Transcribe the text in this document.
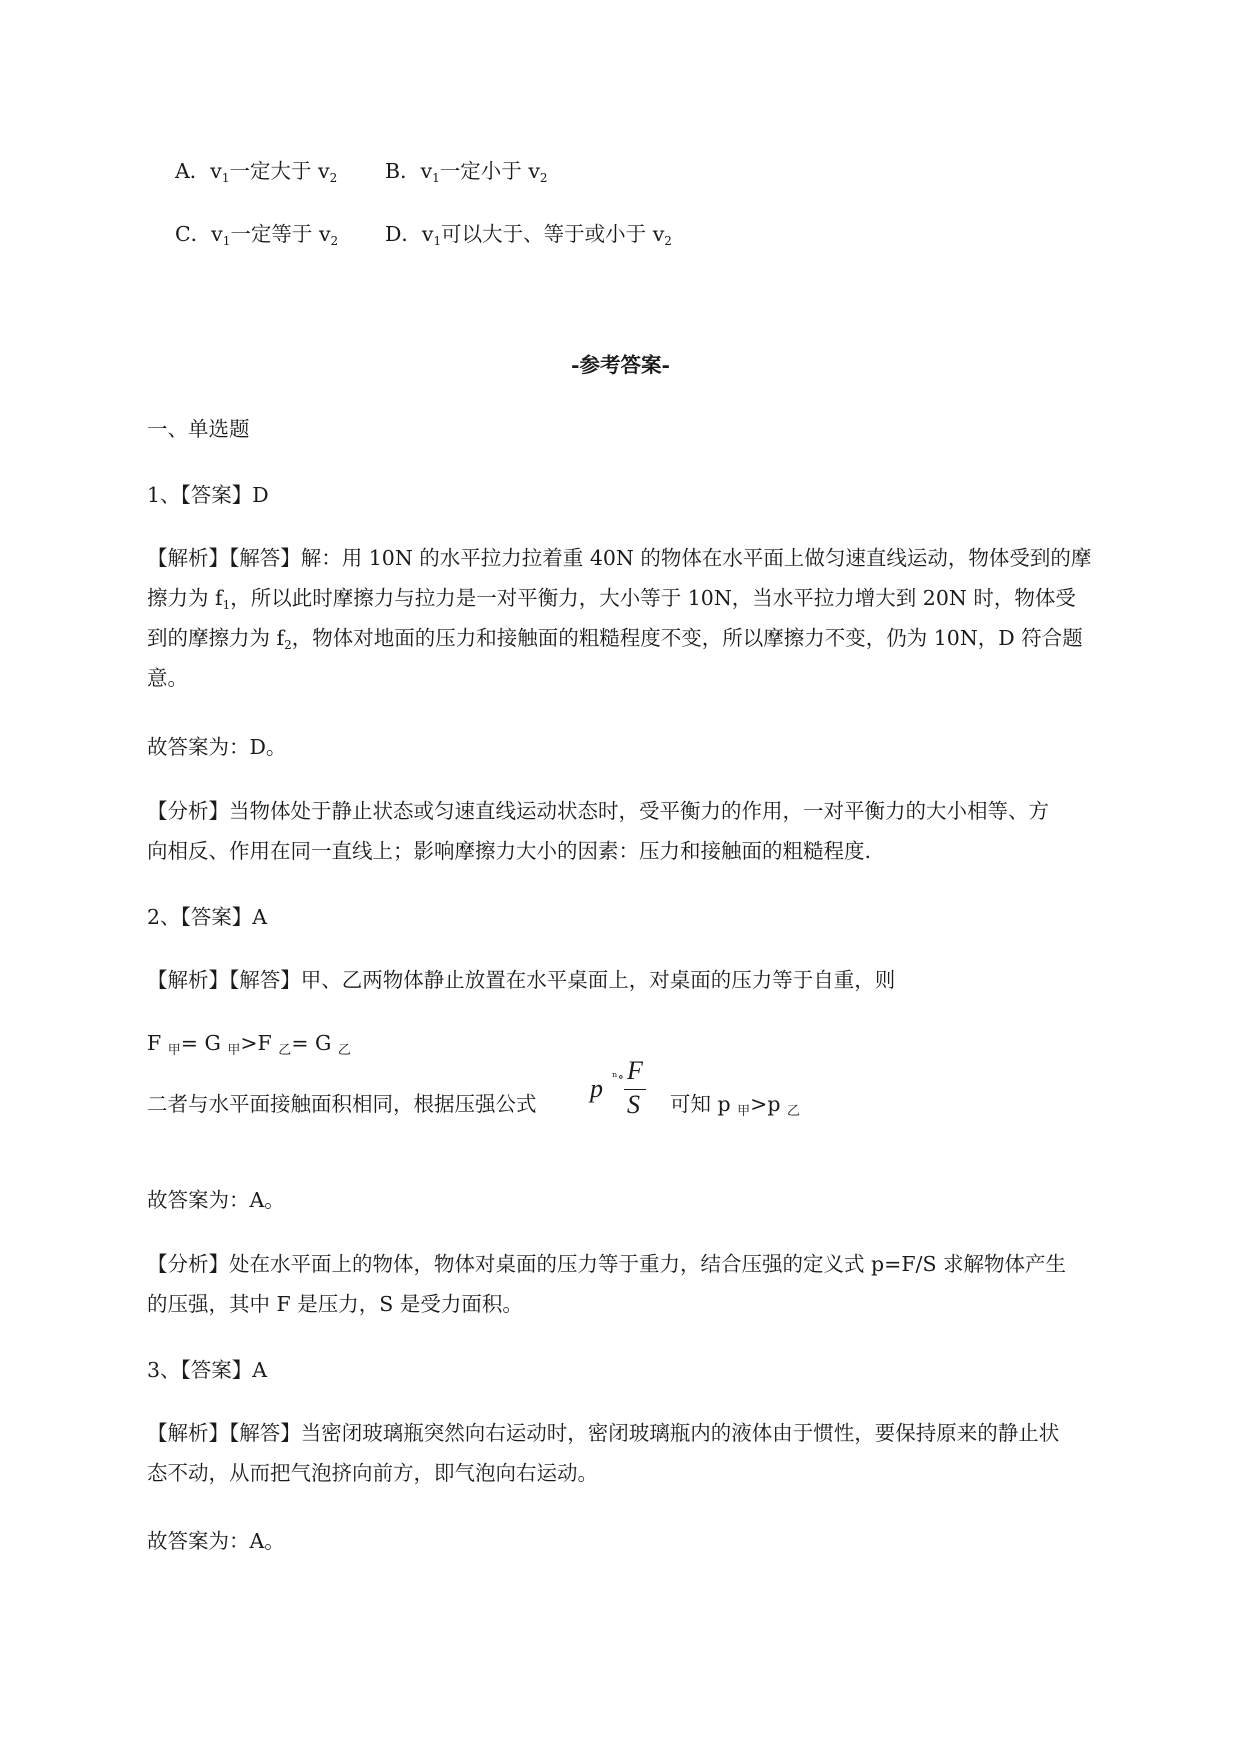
A．$v_1$一定大于 $v_2$ B．$v_1$一定小于 $v_2$
C．$v_1$一定等于 $v_2$ D．$v_1$可以大于、等于或小于 $v_2$
-参考答案-
一、单选题
1、【答案】D

【解析】【解答】解：用 10N 的水平拉力拉着重 40N 的物体在水平面上做匀速直线运动，物体受到的摩

擦力为 $f_1$，所以此时摩擦力与拉力是一对平衡力，大小等于 10N，当水平拉力增大到 20N 时，物体受

到的摩擦力为 $f_2$，物体对地面的压力和接触面的粗糙程度不变，所以摩擦力不变，仍为 10N，D 符合题

意。

故答案为：D。

【分析】当物体处于静止状态或匀速直线运动状态时，受平衡力的作用，一对平衡力的大小相等、方

向相反、作用在同一直线上；影响摩擦力大小的因素：压力和接触面的粗糙程度.

2、【答案】A
【解析】【解答】甲、乙两物体静止放置在水平桌面上，对桌面的压力等于自重，则
F $_甲$= G $_甲$>F $_乙$= G $_乙$
二者与水平面接触面积相同，根据压强公式
p ⁿ∘ F
S 可知 p $_甲$>p $_乙$
故答案为：A。

【分析】处在水平面上的物体，物体对桌面的压力等于重力，结合压强的定义式 p=F/S 求解物体产生

的压强，其中 F 是压力，S 是受力面积。

3、【答案】A

【解析】【解答】当密闭玻璃瓶突然向右运动时，密闭玻璃瓶内的液体由于惯性，要保持原来的静止状

态不动，从而把气泡挤向前方，即气泡向右运动。

故答案为：A。
